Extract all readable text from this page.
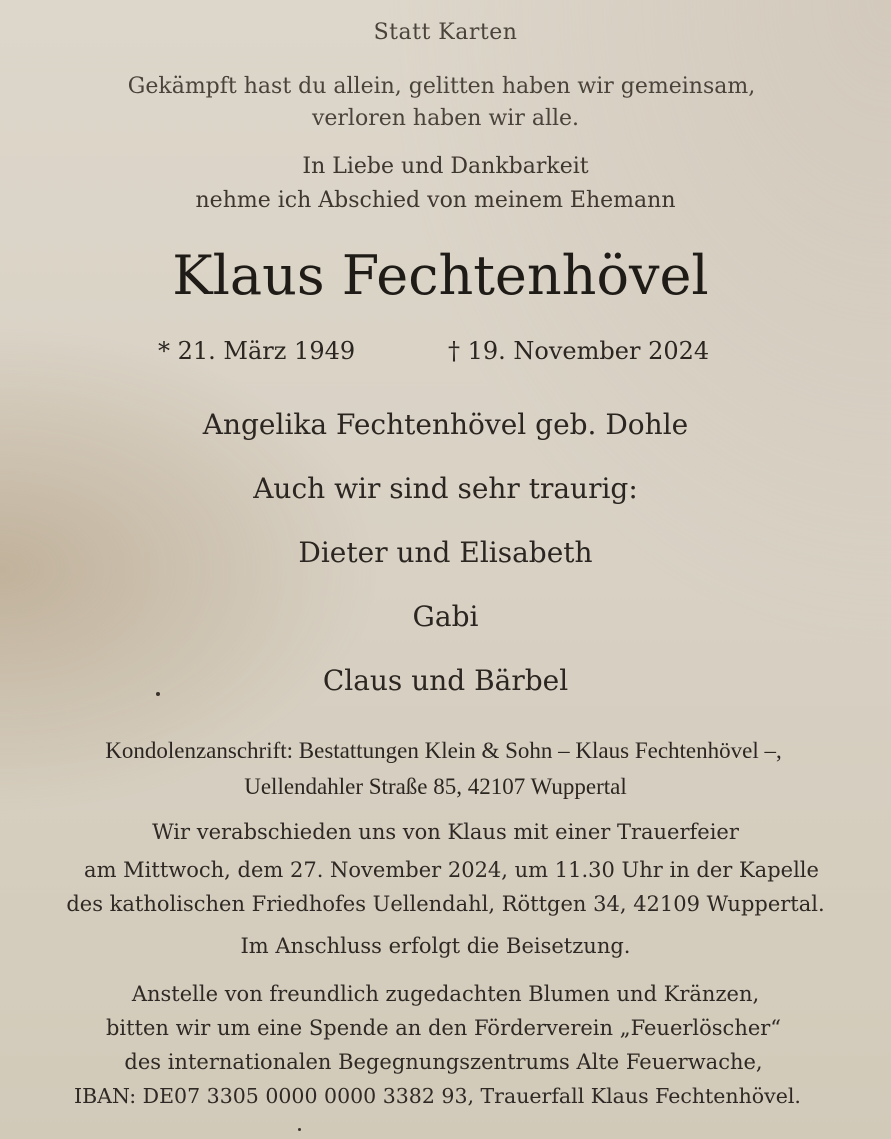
Statt Karten
Gekämpft hast du allein, gelitten haben wir gemeinsam,
verloren haben wir alle.
In Liebe und Dankbarkeit
nehme ich Abschied von meinem Ehemann
Klaus Fechtenhövel
* 21. März 1949	† 19. November 2024
Angelika Fechtenhövel geb. Dohle
Auch wir sind sehr traurig:
Dieter und Elisabeth
Gabi
Claus und Bärbel
Kondolenzanschrift: Bestattungen Klein & Sohn – Klaus Fechtenhövel –,
Uellendahler Straße 85, 42107 Wuppertal
Wir verabschieden uns von Klaus mit einer Trauerfeier
am Mittwoch, dem 27. November 2024, um 11.30 Uhr in der Kapelle
des katholischen Friedhofes Uellendahl, Röttgen 34, 42109 Wuppertal.
Im Anschluss erfolgt die Beisetzung.
Anstelle von freundlich zugedachten Blumen und Kränzen,
bitten wir um eine Spende an den Förderverein „Feuerlöscher“
des internationalen Begegnungszentrums Alte Feuerwache,
IBAN: DE07 3305 0000 0000 3382 93, Trauerfall Klaus Fechtenhövel.
